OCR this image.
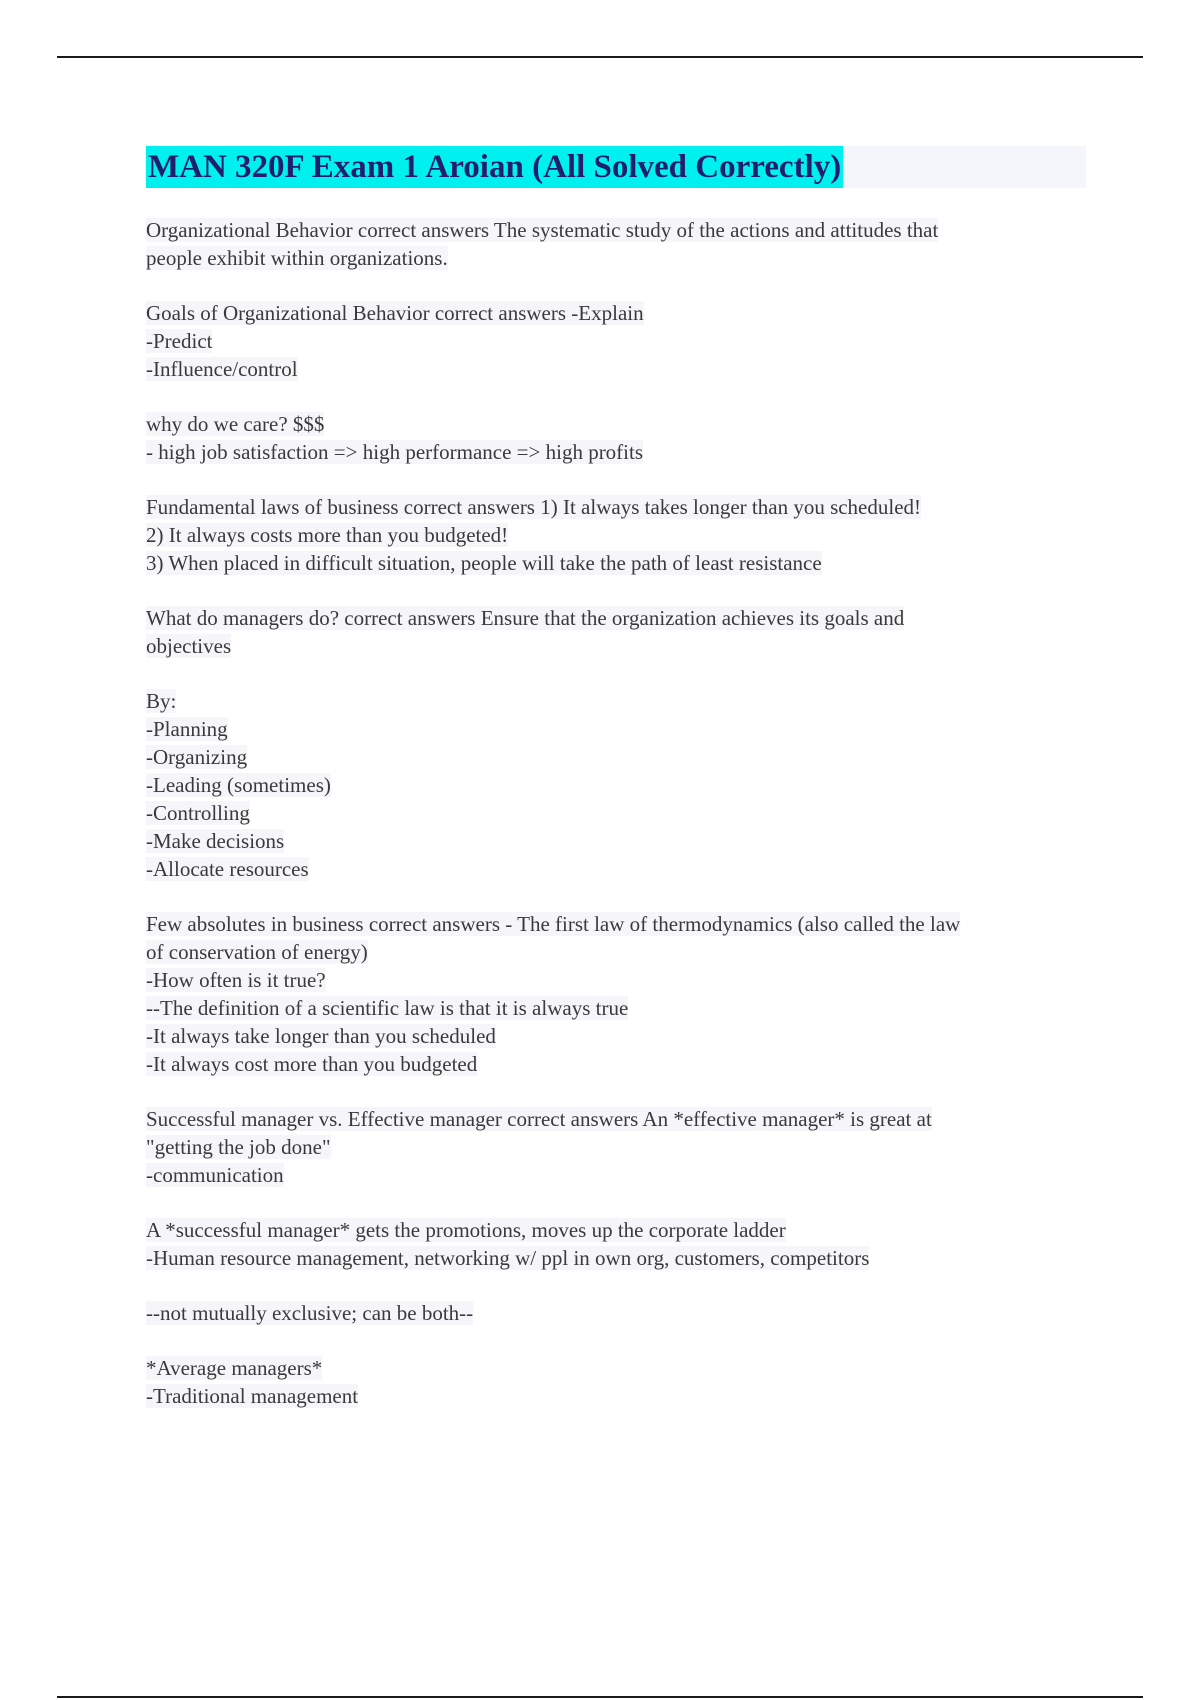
MAN 320F Exam 1 Aroian (All Solved Correctly)
Organizational Behavior correct answers The systematic study of the actions and attitudes that
people exhibit within organizations.
Goals of Organizational Behavior correct answers -Explain
-Predict
-Influence/control
why do we care? $$$
- high job satisfaction => high performance => high profits
Fundamental laws of business correct answers 1) It always takes longer than you scheduled!
2) It always costs more than you budgeted!
3) When placed in difficult situation, people will take the path of least resistance
What do managers do? correct answers Ensure that the organization achieves its goals and
objectives
By:
-Planning
-Organizing
-Leading (sometimes)
-Controlling
-Make decisions
-Allocate resources
Few absolutes in business correct answers - The first law of thermodynamics (also called the law
of conservation of energy)
-How often is it true?
--The definition of a scientific law is that it is always true
-It always take longer than you scheduled
-It always cost more than you budgeted
Successful manager vs. Effective manager correct answers An *effective manager* is great at
"getting the job done"
-communication
A *successful manager* gets the promotions, moves up the corporate ladder
-Human resource management, networking w/ ppl in own org, customers, competitors
--not mutually exclusive; can be both--
*Average managers*
-Traditional management
